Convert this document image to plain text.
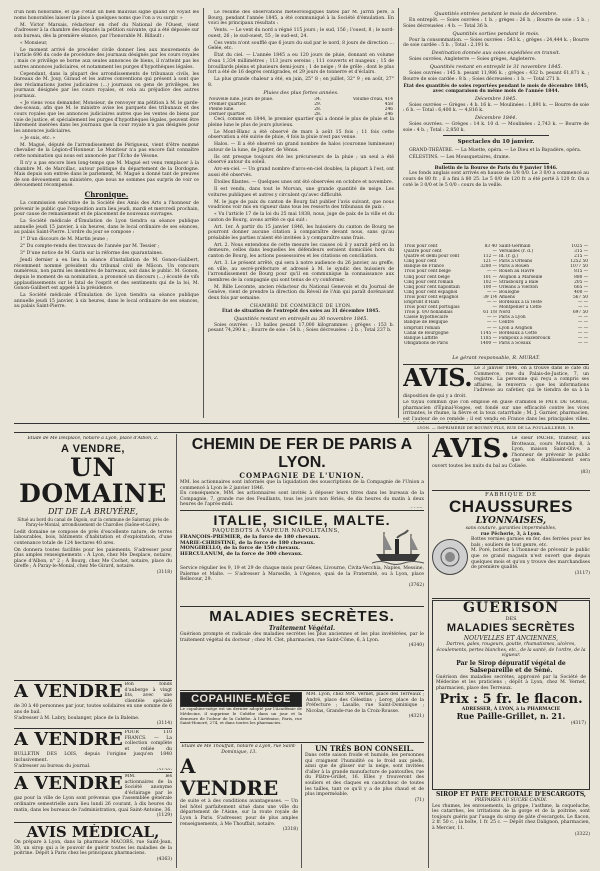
d'un nom honorable, et que c'était un bien mauvais signe quand on voyait les noms honorables laisser la place à quelques noms que l'on a vu surgir. »

M. Victor Marsais, rédacteur en chef du National de l'Ouest, vient d'adresser à la chambre des députés la pétition suivante, qui a été déposée sur son bureau, dès la première séance, par l'honorable M. Billault :

« Monsieur,

Le moment arrivé de procéder civile donner lieu aux mouvements de l'article 696 du code de procédure des journaux désignés par les cours royales ; mais ce privilège se borne aux seules annonces de biens, il n'atteint pas les autres annonces judiciaires, et notamment les purges d'hypothèques légales.

Cependant, dans la plupart des arrondissements de tribunaux civils, les bureaux de M. Jouy, Giraud et les autres conventions qui présent à sont que des réclamations justes judiciaires (...) journaux ou gens de privilèges, les journaux désignés par les cours royales, et cela au préjudice des autres journaux.

« Je viens vous demander, Monsieur, de renvoyer ma pétition à M. le garde-des-sceaux, afin que M. le ministre avise les parquets des tribunaux et des cours royales que les annonces judiciaires autres que les ventes de biens par voie de justice, et spécialement les purges d'hypothèques légales, peuvent être librement insérées dans les journaux que la cour royale n'a pas désignés pour les annonces judiciaires.

» Je suis, etc. »

M. Magué, député de l'arrondissement de Périgueux, vient d'être nommé chevalier de la Légion-d'Honneur. Le Moniteur n'a pas encore fait connaître cette nomination qui nous est annoncée par l'Écho de Vésone.

Il n'y a pas encore bien long-temps que M. Magué est venu remplacer à la chambre M. de Marcillac, autour politique du département de la Dordogne. Mais depuis son entrée dans le parlement, M. Magué a donné tant de preuves de son dévouement au ministère, que nous ne sommes pas surpris de voir ce dévouement récompensé.

Chronique.

La commission exécutive de la Société des Amis des Arts a l'honneur de prévenir le public que l'exposition aura lieu jeudi, mardi et mercredi prochain, pour cause de remaniement et de placement de nouveaux ouvrages.

La Société médicale d'Émulation de Lyon tiendra sa séance publique annuelle jeudi 15 janvier, à six heures, dans le local ordinaire de ses séances, au palais Saint-Pierre. L'ordre du jour se compose :

1° D'un discours de M. Martin jeune ;

2° Du compte-rendu des travaux de l'année par M. Tessier ;

3° D'une notice de M. Garin sur la réforme des quarantaines.

Jeudi dernier a eu lieu la séance d'installation de M. Gonon-Galibert, récemment nommé président du tribunal civil de Mâcon. Un concours numéreux, non parmi les membres de barreaux, soit dans le public. M. Gonon, depuis le moment de sa nomination, a prononcé un discours (…) écouté de vifs applaudissements sur le fatal de l'esprit et des sentiments qui de la loi, M. Gonon-Galibert est appelé à la présidence.

La Société médicale d'Émulation de Lyon tiendra sa séance publique annuelle jeudi 15 janvier, à six heures, dans le local ordinaire de ses séances, au palais Saint-Pierre.

Le résumé des observations météorologiques faites par M. Jarrin père, à Bourg, pendant l'année 1845, a été communiqué à la Société d'émulation. En voici les principaux résultats :

Vents. — Le vent du nord a régné 115 jours ; le sud, 156 ; l'ouest, 8 ; le nord-ouest, 26 ; le sud-ouest, 55 ; le sud-est, 24.

Ces vents n'ont soufflé que 6 jours du sud par le nord, 8 jours de direction … Gelée, etc.

État du ciel. — L'année 1845 a eu 120 jours de pluie, donnant en volume d'eau 1,334 millimètres ; 113 jours sereins ; 111 couverts et nuageux ; 15 de brouillards pleins et plusieurs demi-jours ; 1 de neige ; 9 de grêle ; dont le plus fort a été de 16 degrés centigrades, et 29 jours de tonnerre et d'éclairs.

La plus grande chaleur a été, en juin, 25° 8 ; en juillet, 32° 9 ; en août, 27° 8.

Pluies des plus fortes années.
Nouvelle lune. Jours de pluie.	34.	Volume d'eau, 414
Premier quartier.	29.	458
Pleine lune.	28.	246
Dernier quartier.	28.	246

Ceci, comme en 1844, le premier quartier qui a donné le plus de pluie et la pleine lune le plus de jours pluvieux.

Le Mont-Blanc a été observé de mars à août 15 fois ; 11 fois cette observation a été suivie de pluie, 4 fois la pluie n'est pas venue.

Halos. — Il a été observé un grand nombre de halos (couronne lumineuse) autour de la lune, de Jupiter, de Vénus.

Ils ont presque toujours été les précurseurs de la pluie ; un seul a été observé autour du soleil.

Arc-en-ciel. — Un grand nombre d'arcs-en-ciel doubles, la plupart à l'est, ont aussi été observés.

Étoiles filantes. — Quelques unes ont été observées en octobre et novembre.

Il est vendu, dans tout le Morvan, une grande quantité de neige. Les voitures publiques et autres y circulent qu'avec difficulté.

M. le juge de paix du canton de Bourg fait publier l'avis suivant, que nous voudrions voir mis en vigueur dans tous les ressorts des tribunaux de paix :

« Vu l'article 17 de la loi du 25 mai 1838, nous, juge de paix de la ville et du canton de Bourg, avons arrêté ce qui suit :

Art. 1er. À partir du 15 janvier 1846, les huissiers du canton de Bourg ne pourront donner aucune citation à comparaître devant nous, sans qu'au préalable les parties n'aient été invitées à y comparaître sans frais.

Art. 2. Nous entendons de cette mesure les causes où il y aurait péril en la demeure, celles dans lesquelles les défendeurs seraient domiciliés hors du canton de Bourg, les actions possessoires et les citations en conciliation.

Art. 3. Le présent arrêté, qui sera à notre audience du 26 janvier, au greffe, en ville, au secré-préfecture et adressé à M. le syndic des huissiers de l'arrondissement de Bourg pour qu'il en communique la connaissance aux membres de la compagnie qui sont tenus de s'y conformer.

M. Bille Lecomte, ancien rédacteur du National Genevois et du Journal de Genève, vient de prendre la direction du Réveil de l'Ain qui paraît dorénavant deux fois par semaine.

CHAMBRE DE COMMERCE DE LYON.
État de situation de l'entrepôt des soies au 31 décembre 1845.
Quantités restant en entrepôt au 30 novembre 1845.

Soies ouvrées : 13 balles pesant 17,000 kilogrammes ; grèges : 153 b. pesant 74,290 k. ; Bourre de soie : 54 b. ; Soies décreusées : 2 b. ; Total 237 b.

Quantités entrées pendant le mois de décembre.

En entrepôt. — Soies ouvrées : 1 b. ; grèges : 26 b. ; Bourre de soie : 5 b. ; Soies décreusées : 4 b. — Total 36 b.

Quantités sorties pendant le mois.

Pour la consommation. — Soies ouvrées : 543 k. ; grèges : 24,444 k. ; Bourre de soie cardée : 5 b. ; Total : 2,191 k.

Destination donnée aux soies expédiées en transit.

Soies ouvrées, Angleterre — Soies grèges, Angleterre.

Quantités restant en entrepôt le 31 novembre 1845.

Soies ouvrées : 145 b. pesant 11,986 k. ; grèges : 432 b. pesant 61,871 k. ; Bourre de soie cardée : 8 b. ; Soies décreusées : 1 b. — Total 271 b.

État des quantités de soies reportées pendant le mois de décembre 1845, avec comparaison du même mois de l'année 1844.
Décembre 1845.

Soies ouvrées — Grèges : 4 b. 16 k. — Moulinées : 1,891 k. — Bourre de soie : 6 b. — Total : 6,400 k. — 4,816 k.

Décembre 1844.

Soies ouvrées. — Grèges : 14 k. 10 d. — Moulinées : 2,743 k. — Bourre de soie : 4 b. ; Total : 2,850 k.

Spectacles du 10 janvier.

GRAND-THÉÂTRE. — La Muette, opéra. — Le Dieu et la Bayadère, opéra.

CÉLESTINS. — Les Mousquetaires, drame.

Bulletin de la Bourse de Paris du 9 janvier 1846.

Les fonds anglais sont arrivés en hausse de 1/8 0/0. Le 3 0/0 a commencé au cours de 80 fr. ; il a fini à 80 25. Le 5 0/0 de 120 fr. a été porté à 120 fr. On a coté le 3 0/0 et le 5 0/0 : cours de la veille.

Trois pour cent	83 40	Saint-Germain	1025 —
Quatre pour cent	—	Versailles (r. d.)	315 —
Quatre et demi pour cent	112 —	Id. (r. g.)	215 —
Cinq pour cent	121 —	Paris à Orléans	1252 50
Banque de France	3280 —	Paris à Rouen	1077 50
Trois pour cent belge	— —	Rouen au Havre	815 —
Cinq pour cent belge	101 —	Avignon à Marseille	880 —
Cinq pour cent romain	102 —	Strasbourg à Bâle	205 —
Cinq pour cent napolitain	100 —	Orléans à Vierzon	665 —
Cinq pour cent espagnol	— —	Boulogne	400 —
Trois pour cent espagnol	39 1/4	Amiens	567 50
Emprunt d'Haïti	— —	Bordeaux à la Teste	— —
Trois pour cent portugais	—	Montpellier à Cette	— —
Trois p. 0/0 hollandais	61 1/8	Nord	697 50
Caisse hypothécaire	— —	Paris à Lyon	— —
Banque de Belgique	— —	Centre	— —
Emprunt romain	— —	Lyon à Avignon	— —
Canal de Bourgogne	1145 —	Bordeaux à Cette	— —
Banque Laffitte	1185 —	Fampoux à Hazebrouck	— —
Obligations de Paris	1400 —	Paris à Sceaux	— —
Le gérant responsable, R. MURAT.
AVIS. Le 3 janvier 1846, on a trouvé dans le café du Commerce, rue du Palais-de-Justice, 7, un registre. La personne qui reçu a compris ses affaires, le renverra : que les informations l'adresse au cafetier, qui le tiendra de sa à la disposition de qui y a droit.
Le tuyau commun que l'on emploie en guise d'amidon le PATÉ DE GORGE, pharmacien d'Épinal-Vosges, est fondé sur une efficacité contre les vices irritantes, le rhume, la fièvre et la toux catarrhale ; M. J. Garnier, pharmacien, est l'auteur de ce remède ; il est vendu en France dans les principales villes.
LYON. — IMPRIMERIE DE BOURSY FILS, RUE DE LA POULAILLERIE, 19.
Étude de Me Desplace, notaire à Lyon, place d'Albon, 2.
A VENDRE,
UN DOMAINE
DIT DE LA BRUYÈRE,
Situé au bord du canal de Digoin, sur la commune de Salornay, près de Paray-le-Monial, arrondissement de Charolles (Saône-et-Loire).
Ledit domaine se compose de prés d'excellente nature, de terres labourables, bois, bâtiments d'habitation et d'exploitation, d'une contenance totale de 124 hectares 40 ares.
On donnera toutes facilités pour les paiements. S'adresser pour plus amples renseignements : À Lyon, chez Me Desplace, notaire, place d'Albon, n° 2 ; À Bourg, chez Me Cochet, notaire, place du Greffe ; À Paray-le-Monial, chez Me Girard, notaire.
(3118)
A VENDRE Bon fonds d'auberge à vingt lits, avec une clientèle spéciale de 30 à 40 personnes par jour, toutes solidaires en une somme de 6 ans de bail.
S'adresser à M. Labry, boulanger, place de la Baleine.
(3114)
A VENDRE POUR 110 FRANCS. — La collection complète et reliée du BULLETIN DES LOIS, depuis l'origine jusqu'en 1840 inclusivement.
S'adresser au bureau du journal.
A VENDRE MM. les actionnaires de la Société anonyme d'éclairage par le gaz pour la ville de Lyon sont prévenus que l'assemblée générale ordinaire semestrielle aura lieu lundi 26 courant, à dix heures du matin, dans les bureaux de l'administration, quai Saint-Antoine, 36.
(1129)
AVIS MÉDICAL,
On prépare à Lyon, dans la pharmacie MACORS, rue Saint-Jean, 30, un sirop qui a le pouvoir de guérir toutes les maladies de la poitrine. Dépôt à Paris chez les principaux pharmaciens.
(4363)
CHEMIN DE FER DE PARIS A LYON.
COMPAGNIE DE L'UNION.
MM. les actionnaires sont informés que la liquidation des souscriptions de la Compagnie de l'Union a commencé à Lyon le 2 janvier 1846.
En conséquence, MM. les actionnaires sont invités à déposer leurs titres dans les bureaux de la Compagnie, 7, grande rue des Feuillants, tous les jours non fériés, de dix heures du matin à deux heures de l'après-midi.
ITALIE, SICILE, MALTE.
PAQUEBOTS A VAPEUR NAPOLITAINS,
FRANÇOIS-PREMIER, de la force de 180 chevaux.
MARIE-CHRISTINE, de la force de 180 chevaux.
MONGIBELLO, de la force de 150 chevaux.
HERCULANUM, de la force de 300 chevaux.
Service régulier les 9, 19 et 29 de chaque mois pour Gênes, Livourne, Civita-Vecchia, Naples, Messine, Palerme et Malte. — S'adresser à Marseille, à l'Agence, quai de la Fraternité, ou à Lyon, place Bellecour, 29.
(3762)
MALADIES SECRÈTES.
Traitement Végétal.
Guérison prompte et radicale des maladies secrètes les plus anciennes et les plus invétérées, par le traitement végétal du docteur ; chez M. Clet, pharmacien, rue Saint-Côme, 6, à Lyon.
(4340)
COPAHINE-MÈGE
Le copahine-mège est un dernier adopté par l'Académie de Médecine, il supprime le Cubèbe dans un jour et la demeure de l'odeur de la Cubèbe. À l'Artémise, Paris, rue Saint-Honoré, 274, et dans toutes les pharmacies.
MM. Lyon, chez MM. Vernet, place des Terreaux ; André, place des Célestins ; Leroy, place de la Préfecture ; Lasalle, rue Saint-Dominique ; Nicolas, Grande-rue de la Croix-Rousse.
(4321)
Étude de Me Thouffait, notaire à Lyon, rue Saint-Dominique, 13.
A VENDRE
de suite et à des conditions avantageuses. — Un bel hôtel parfaitement situé dans une ville du département de l'Aisne, sur la route royale de Lyon à Paris. S'adresser, pour de plus amples renseignements, à Me Thouffait, notaire.
(3318)
UN TRÈS BON CONSEIL.
Dans cette saison froide et humide, les personnes qui craignent l'humidité ou le froid aux pieds, ainsi que de glisser sur la neige, sont invitées d'aller à la grande manufacture de pantoufles, rue du Plâtre-Grillet, 16. Elles y trouveront des souliers et des claques en caoutchouc de toutes les tailles, tant ce qu'il y a de plus chaud et de plus imperméable.
(71)
AVIS. Le sieur PACHE, traiteur, aux Brotteaux, cours Morand, 8, à Lyon, maison Saint-Olive, a l'honneur de prévenir le public que son établissement sera ouvert toutes les nuits du bal au Colisée.
(83)
FABRIQUE DE
CHAUSSURES
LYONNAISES,
sans couture, garanties imperméables,
rue Pêcherie, 3, à Lyon.
Bottes vernies garnies en fer, des ferrées pour les bals ; souliers de tout genre, etc.
M. Poré, bottier, à l'honneur de prévenir le public que ce grand magasin n'est ouvert que depuis quelques mois et qu'on y trouve des marchandises de première qualité.
(3117)
GUÉRISON
DES
MALADIES SECRÈTES
NOUVELLES ET ANCIENNES,
Dartres, gales, rougeurs, goutte, rhumatismes, ulcères, écoulements, pertes blanches, etc., de la santé, de l'ordre, de la vigueur.
Par le Sirop dépuratif végétal de Salsepareille et de Séné.
Guérison des maladies secrètes, approuvé par la Société de Médecine et les praticiens ; dépôt à Lyon, chez M. Vernet, pharmacien, place des Terreaux.
Prix : 5 fr. le flacon.
ADRESSER, À LYON, à la PHARMACIE
Rue Paille-Grillet, n. 21.
(4317)
SIROP ET PATE PECTORALE D'ESCARGOTS,
PRÉPARÉS AU SUCRE CANDI.
Les rhumes, les enrouements, la grippe, l'asthme, la coqueluche, les catarrhes, les irritations de la gorge et de la poitrine, sont toujours guéris par l'usage du sirop de pâte d'escargots. Le flacon, 2 fr. 50 c. ; la boîte, 1 fr. 25 c. — Dépôt chez Dalignon, pharmacien, à Mercier, 11.
(3322)
